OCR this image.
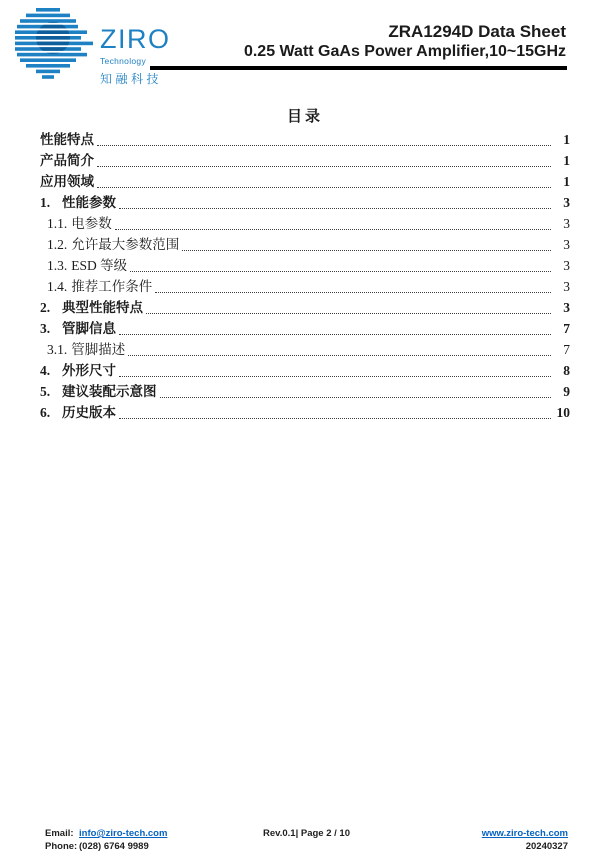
ZIRO
Technology
知融科技
ZRA1294D Data Sheet
0.25 Watt GaAs Power Amplifier,10~15GHz
目录
性能特点	1
产品简介	1
应用领域	1
1. 性能参数	3
1.1. 电参数	3
1.2. 允许最大参数范围	3
1.3. ESD 等级	3
1.4. 推荐工作条件	3
2. 典型性能特点	3
3. 管脚信息	7
3.1. 管脚描述	7
4. 外形尺寸	8
5. 建议装配示意图	9
6. 历史版本	10
Email: info@ziro-tech.com
Phone: (028) 6764 9989
Rev.0.1| Page 2 / 10	www.ziro-tech.com
20240327
